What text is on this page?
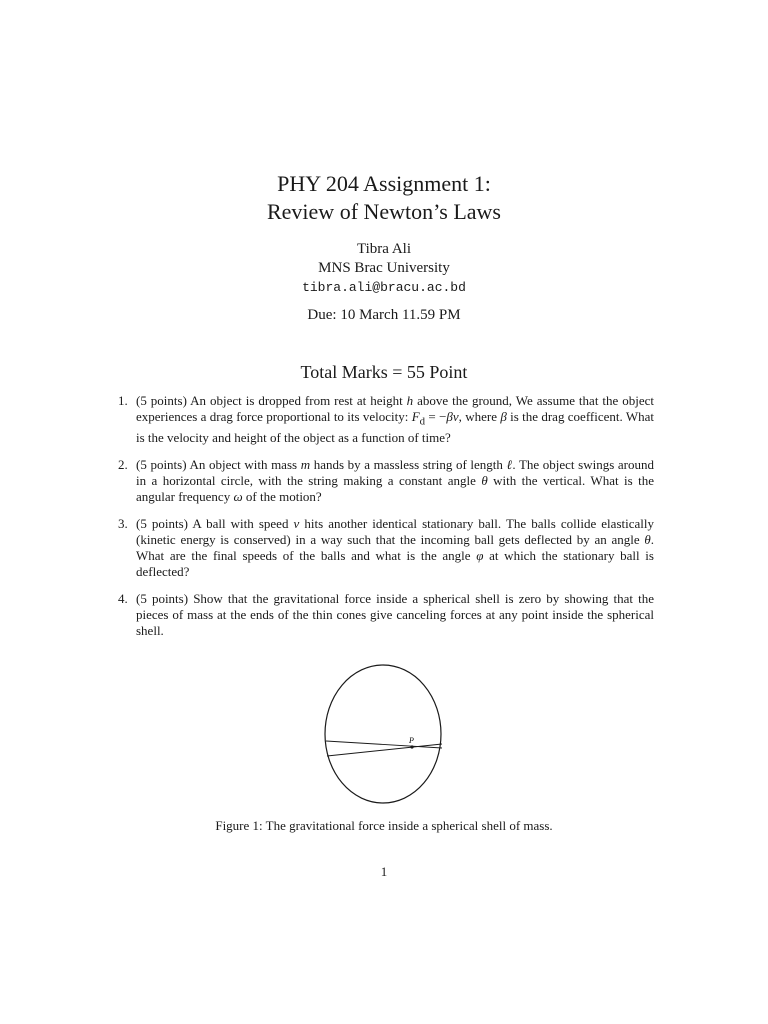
PHY 204 Assignment 1:
Review of Newton’s Laws
Tibra Ali
MNS Brac University
tibra.ali@bracu.ac.bd
Due: 10 March 11.59 PM
Total Marks = 55 Point
1. (5 points) An object is dropped from rest at height h above the ground, We assume that the object experiences a drag force proportional to its velocity: $F_d = -\beta v$, where β is the drag coefficent. What is the velocity and height of the object as a function of time?
2. (5 points) An object with mass m hands by a massless string of length ℓ. The object swings around in a horizontal circle, with the string making a constant angle θ with the vertical. What is the angular frequency ω of the motion?
3. (5 points) A ball with speed v hits another identical stationary ball. The balls collide elastically (kinetic energy is conserved) in a way such that the incoming ball gets deflected by an angle θ. What are the final speeds of the balls and what is the angle φ at which the stationary ball is deflected?
4. (5 points) Show that the gravitational force inside a spherical shell is zero by showing that the pieces of mass at the ends of the thin cones give canceling forces at any point inside the spherical shell.
P
Figure 1: The gravitational force inside a spherical shell of mass.
1
